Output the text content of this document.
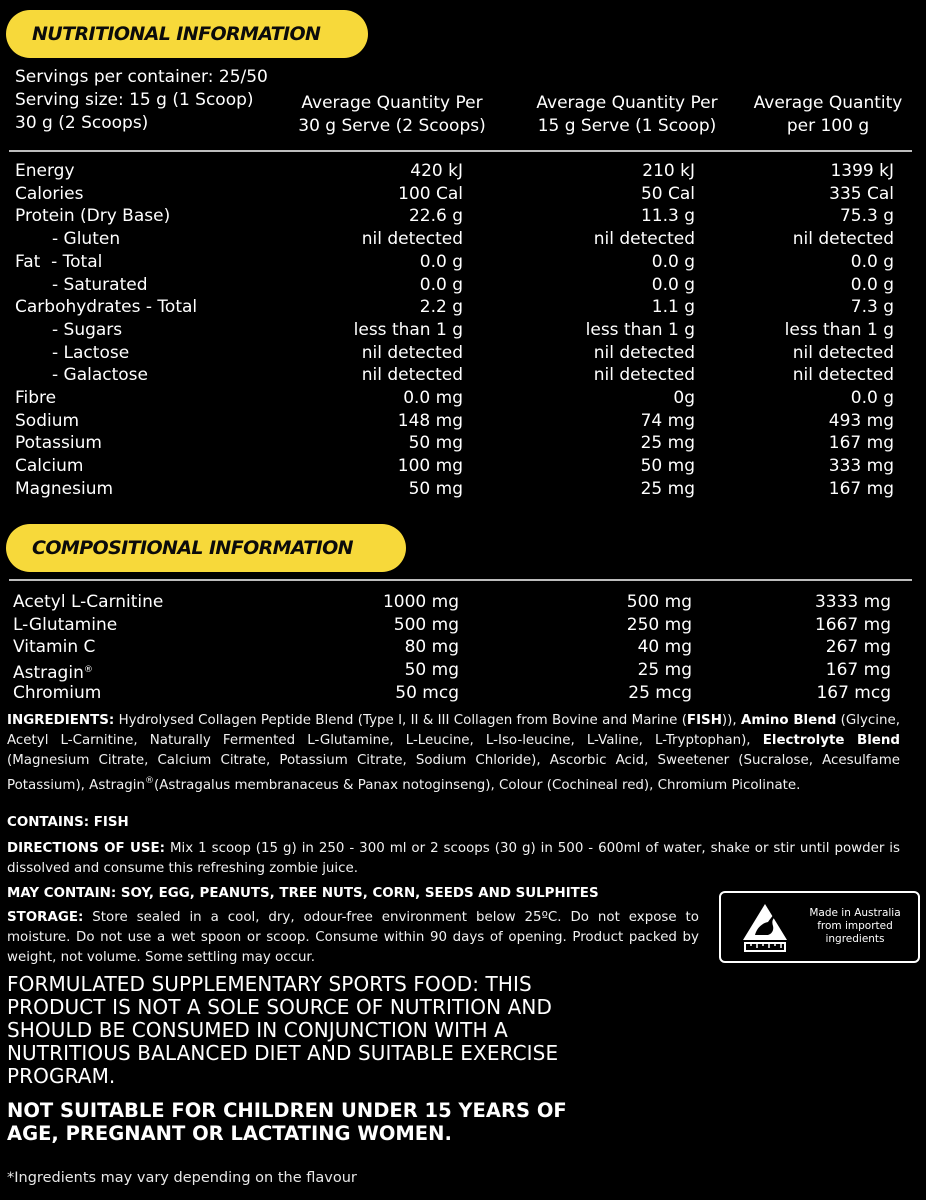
NUTRITIONAL INFORMATION
Servings per container: 25/50
Serving size: 15 g (1 Scoop)
30 g (2 Scoops)
Average Quantity Per
30 g Serve (2 Scoops)
Average Quantity Per
15 g Serve (1 Scoop)
Average Quantity
per 100 g
Energy	420 kJ	210 kJ	1399 kJ
Calories	100 Cal	50 Cal	335 Cal
Protein (Dry Base)	22.6 g	11.3 g	75.3 g
- Gluten	nil detected	nil detected	nil detected
Fat  - Total	0.0 g	0.0 g	0.0 g
- Saturated	0.0 g	0.0 g	0.0 g
Carbohydrates - Total	2.2 g	1.1 g	7.3 g
- Sugars	less than 1 g	less than 1 g	less than 1 g
- Lactose	nil detected	nil detected	nil detected
- Galactose	nil detected	nil detected	nil detected
Fibre	0.0 mg	0g	0.0 g
Sodium	148 mg	74 mg	493 mg
Potassium	50 mg	25 mg	167 mg
Calcium	100 mg	50 mg	333 mg
Magnesium	50 mg	25 mg	167 mg
COMPOSITIONAL INFORMATION
Acetyl L-Carnitine	1000 mg	500 mg	3333 mg
L-Glutamine	500 mg	250 mg	1667 mg
Vitamin C	80 mg	40 mg	267 mg
Astragin®	50 mg	25 mg	167 mg
Chromium	50 mcg	25 mcg	167 mcg
INGREDIENTS: Hydrolysed Collagen Peptide Blend (Type I, II & III Collagen from Bovine and Marine (FISH)), Amino Blend (Glycine, Acetyl L-Carnitine, Naturally Fermented L-Glutamine, L-Leucine, L-Iso-leucine, L-Valine, L-Tryptophan), Electrolyte Blend (Magnesium Citrate, Calcium Citrate, Potassium Citrate, Sodium Chloride), Ascorbic Acid, Sweetener (Sucralose, Acesulfame Potassium), Astragin®(Astragalus membranaceus & Panax notoginseng), Colour (Cochineal red), Chromium Picolinate.
CONTAINS: FISH
DIRECTIONS OF USE: Mix 1 scoop (15 g) in 250 - 300 ml or 2 scoops (30 g) in 500 - 600ml of water, shake or stir until powder is dissolved and consume this refreshing zombie juice.
MAY CONTAIN: SOY, EGG, PEANUTS, TREE NUTS, CORN, SEEDS AND SULPHITES
STORAGE: Store sealed in a cool, dry, odour-free environment below 25ºC. Do not expose to moisture. Do not use a wet spoon or scoop. Consume within 90 days of opening. Product packed by weight, not volume. Some settling may occur.
Made in Australia
from imported
ingredients
FORMULATED SUPPLEMENTARY SPORTS FOOD: THIS PRODUCT IS NOT A SOLE SOURCE OF NUTRITION AND SHOULD BE CONSUMED IN CONJUNCTION WITH A NUTRITIOUS BALANCED DIET AND SUITABLE EXERCISE PROGRAM.
NOT SUITABLE FOR CHILDREN UNDER 15 YEARS OF AGE, PREGNANT OR LACTATING WOMEN.
*Ingredients may vary depending on the flavour
